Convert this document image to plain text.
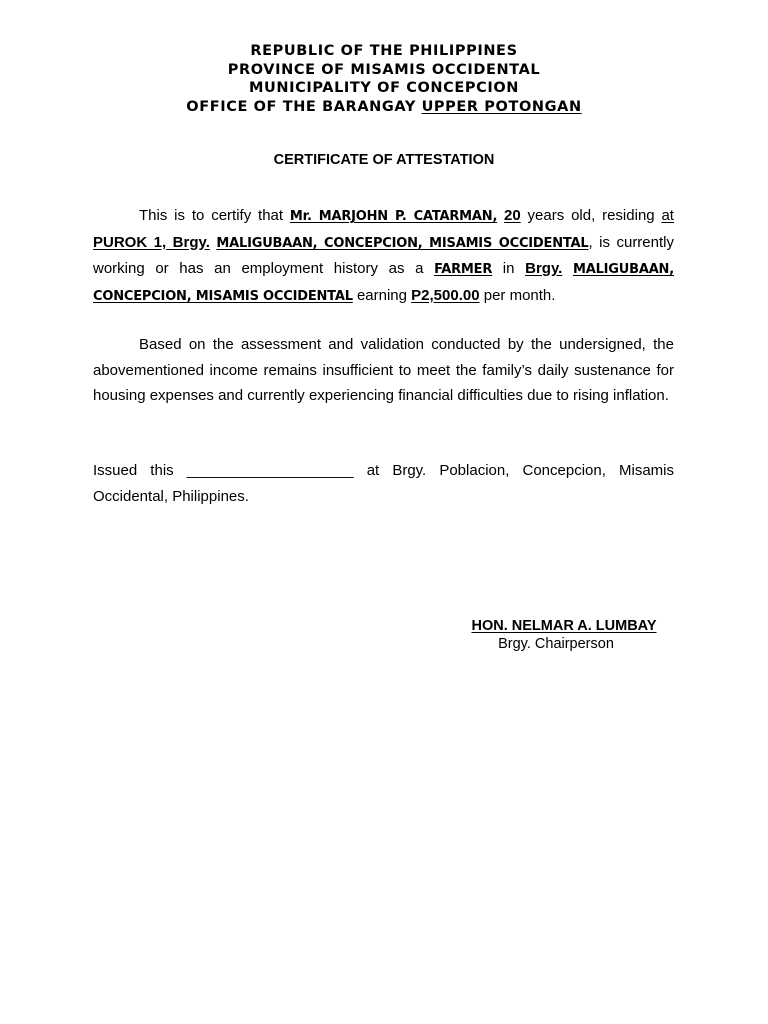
REPUBLIC OF THE PHILIPPINES
PROVINCE OF MISAMIS OCCIDENTAL
MUNICIPALITY OF CONCEPCION
OFFICE OF THE BARANGAY UPPER POTONGAN
CERTIFICATE OF ATTESTATION

This is to certify that Mr. MARJOHN P. CATARMAN, 20 years old, residing at PUROK 1, Brgy. MALIGUBAAN, CONCEPCION, MISAMIS OCCIDENTAL, is currently working or has an employment history as a FARMER in Brgy. MALIGUBAAN, CONCEPCION, MISAMIS OCCIDENTAL earning P2,500.00 per month.

Based on the assessment and validation conducted by the undersigned, the abovementioned income remains insufficient to meet the family’s daily sustenance for housing expenses and currently experiencing financial difficulties due to rising inflation.

Issued this ____________________ at Brgy. Poblacion, Concepcion, Misamis Occidental, Philippines.

HON. NELMAR A. LUMBAY
Brgy. Chairperson
